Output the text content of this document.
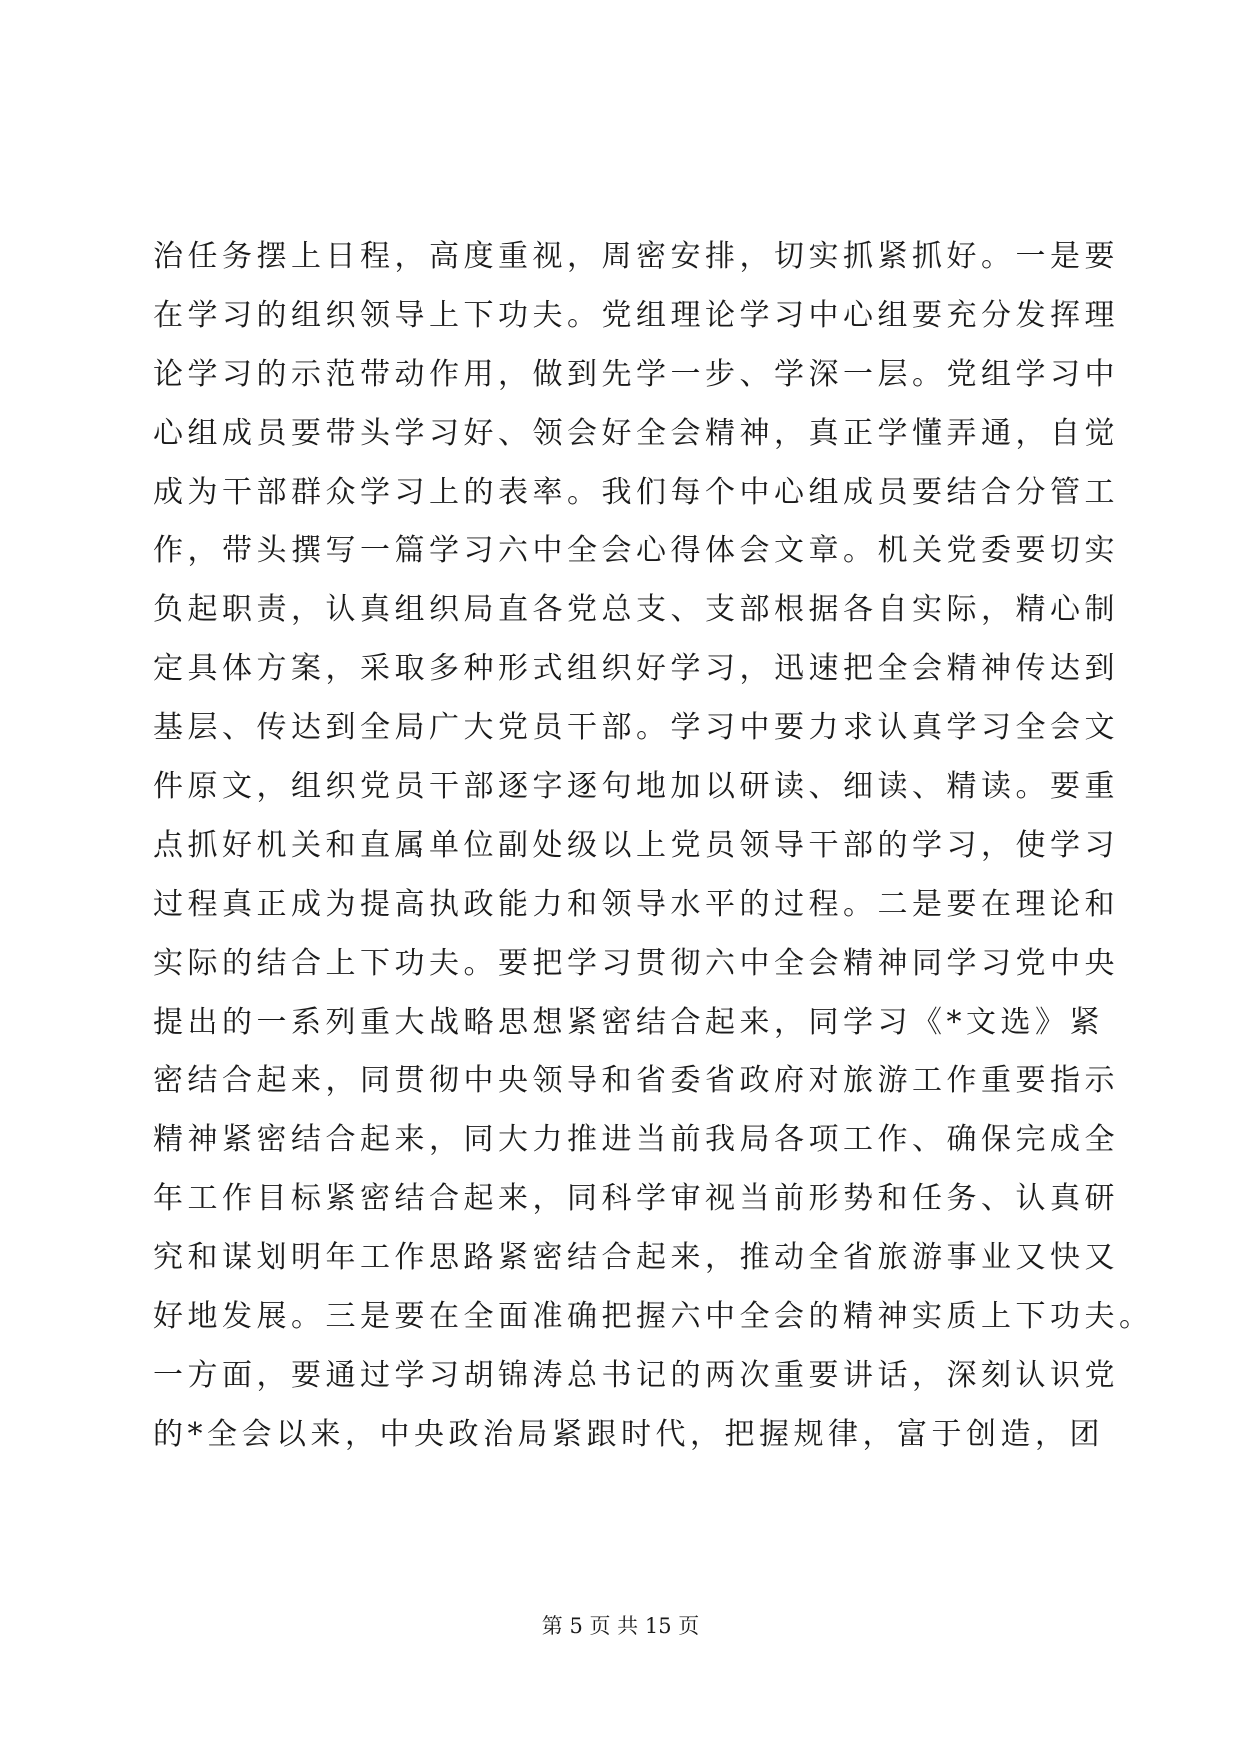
治任务摆上日程，高度重视，周密安排，切实抓紧抓好。一是要
在学习的组织领导上下功夫。党组理论学习中心组要充分发挥理
论学习的示范带动作用，做到先学一步、学深一层。党组学习中
心组成员要带头学习好、领会好全会精神，真正学懂弄通，自觉
成为干部群众学习上的表率。我们每个中心组成员要结合分管工
作，带头撰写一篇学习六中全会心得体会文章。机关党委要切实
负起职责，认真组织局直各党总支、支部根据各自实际，精心制
定具体方案，采取多种形式组织好学习，迅速把全会精神传达到
基层、传达到全局广大党员干部。学习中要力求认真学习全会文
件原文，组织党员干部逐字逐句地加以研读、细读、精读。要重
点抓好机关和直属单位副处级以上党员领导干部的学习，使学习
过程真正成为提高执政能力和领导水平的过程。二是要在理论和
实际的结合上下功夫。要把学习贯彻六中全会精神同学习党中央
提出的一系列重大战略思想紧密结合起来，同学习《*文选》紧
密结合起来，同贯彻中央领导和省委省政府对旅游工作重要指示
精神紧密结合起来，同大力推进当前我局各项工作、确保完成全
年工作目标紧密结合起来，同科学审视当前形势和任务、认真研
究和谋划明年工作思路紧密结合起来，推动全省旅游事业又快又
好地发展。三是要在全面准确把握六中全会的精神实质上下功夫。
一方面，要通过学习胡锦涛总书记的两次重要讲话，深刻认识党
的*全会以来，中央政治局紧跟时代，把握规律，富于创造，团
第 5 页 共 15 页
